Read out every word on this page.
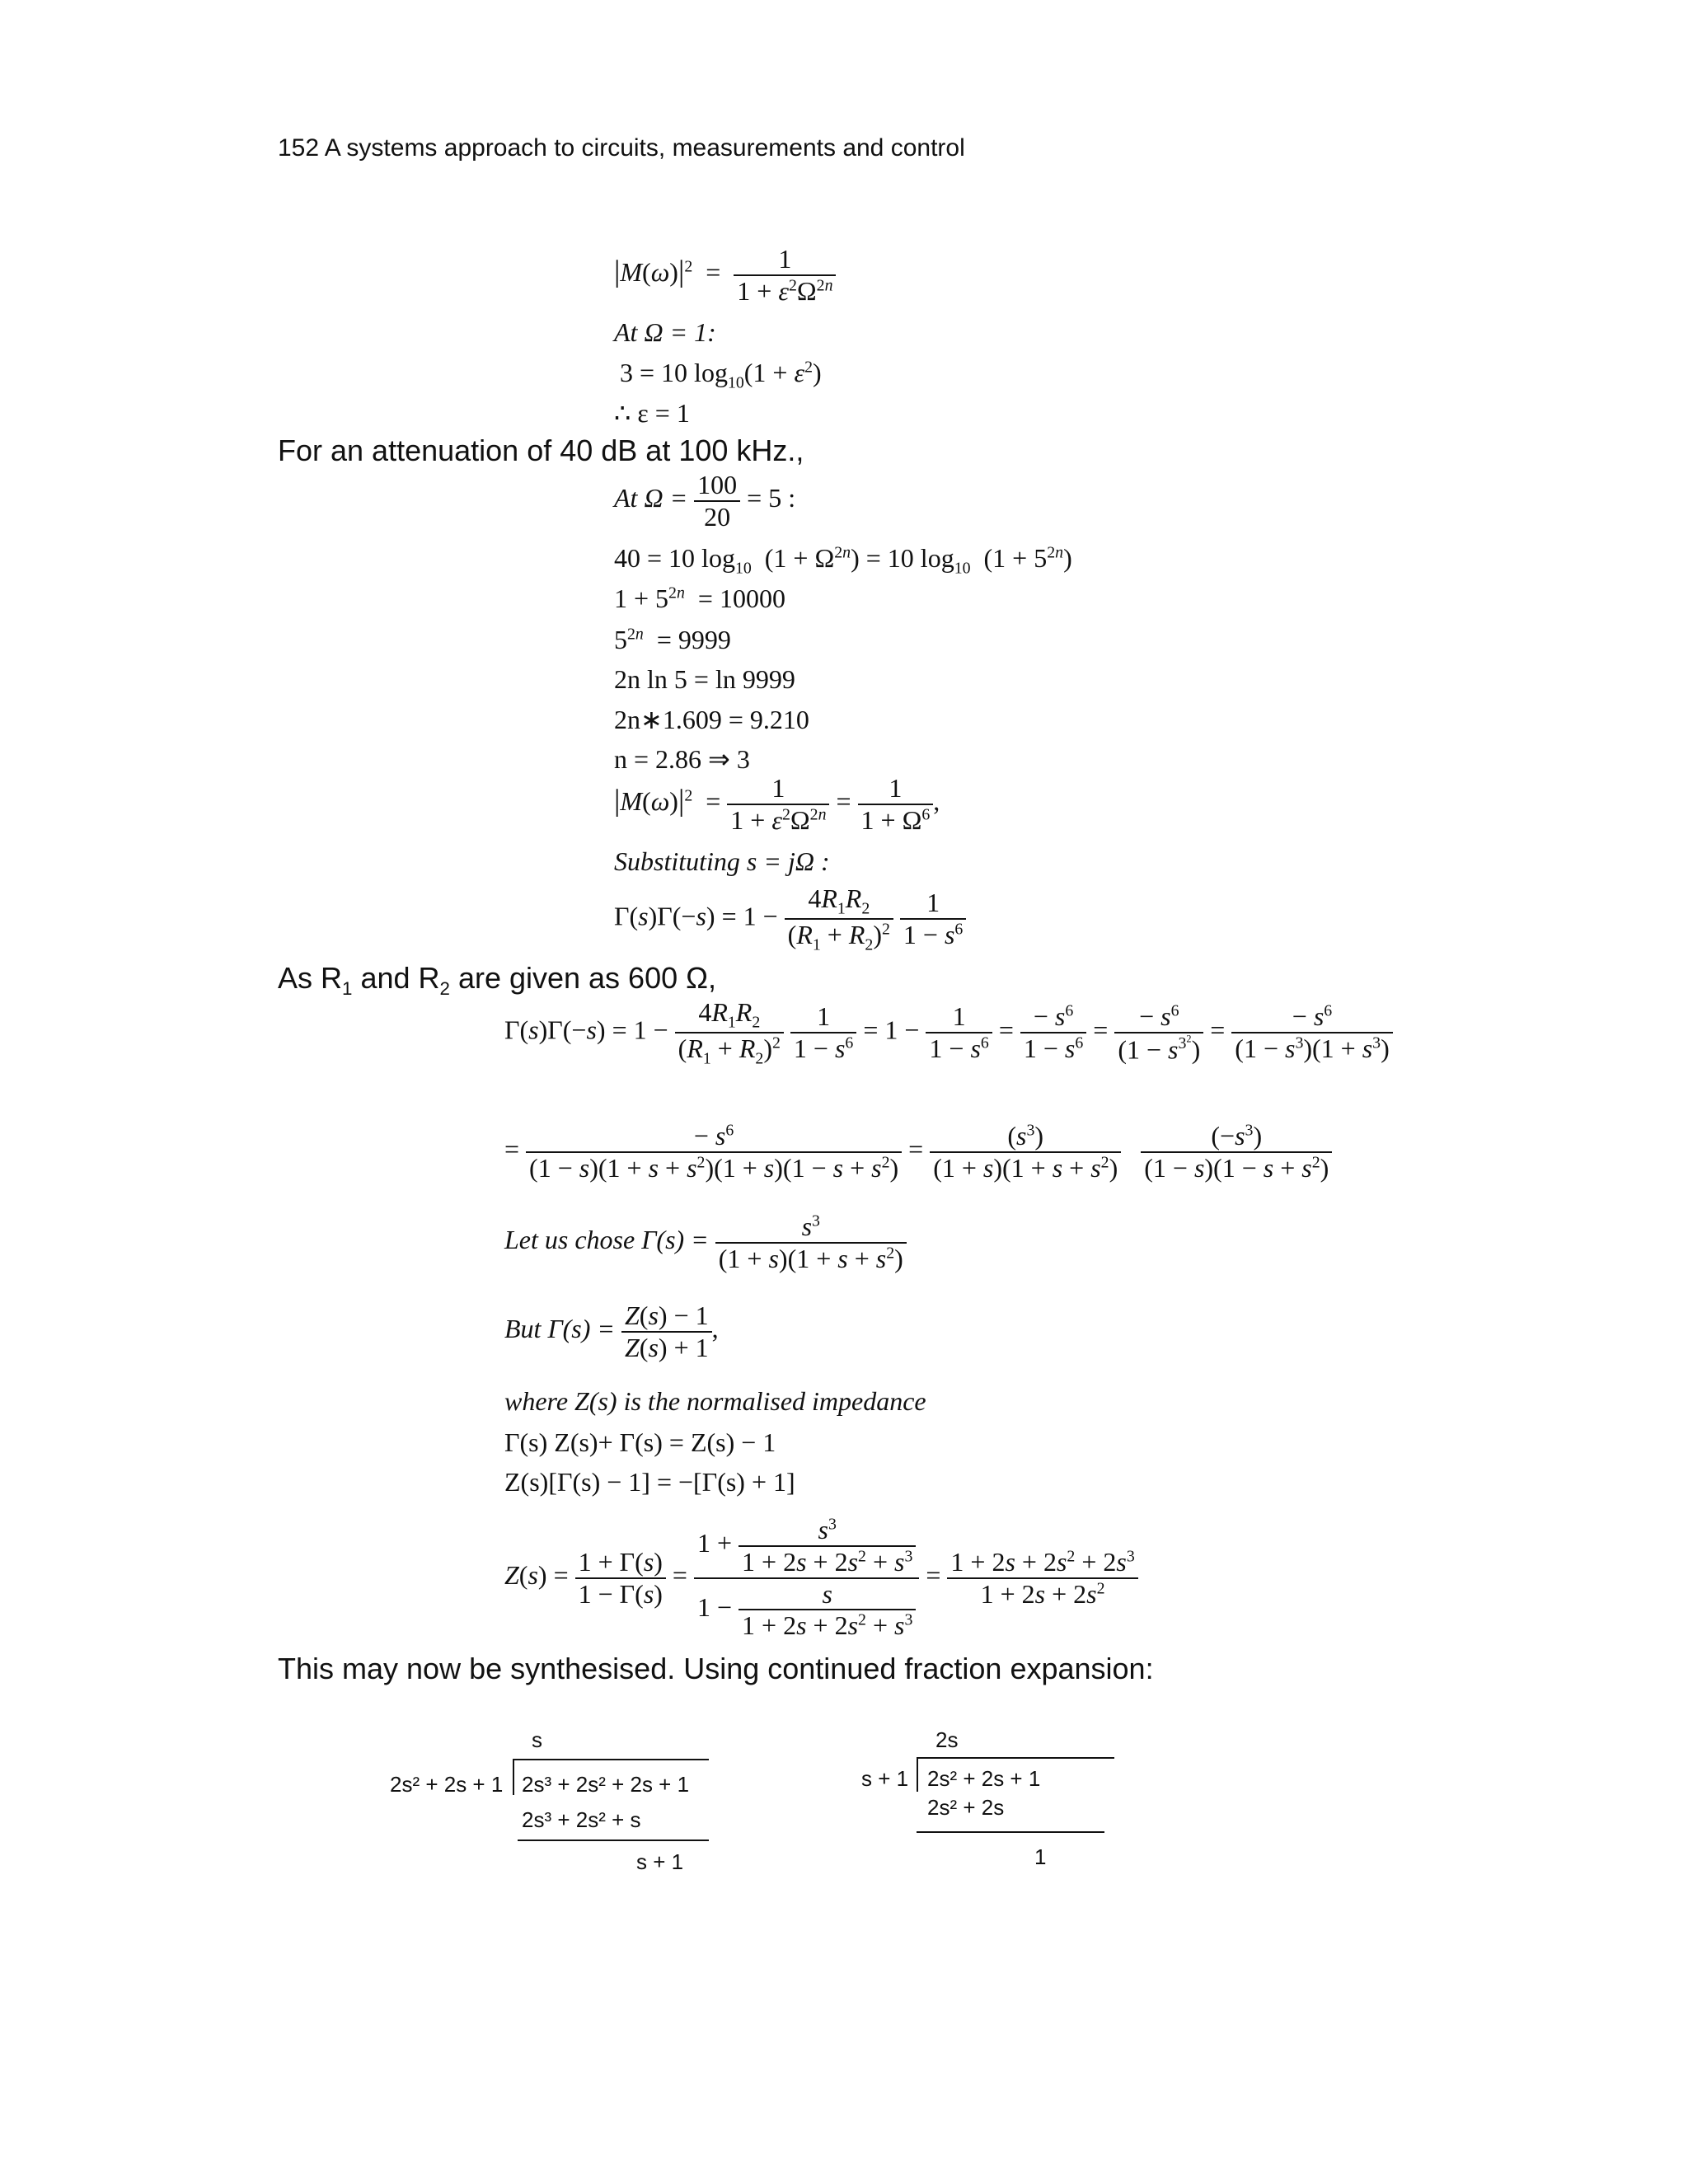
152 A systems approach to circuits, measurements and control
$|M(\omega)|^2 = \frac{1}{1 + \varepsilon^2\Omega^{2n}}$
At Ω = 1:
3 = 10 $\log_{10}(1 + \varepsilon^2)$
∴ ε = 1
For an attenuation of 40 dB at 100 kHz.,
At $\Omega = \frac{100}{20} = 5$ :
40 = 10 $\log_{10} (1 + \Omega^{2n}) = 10$ $\log_{10} (1 + 5^{2n})$
$1 + 5^{2n} = 10000$
$5^{2n} = 9999$
2n ln 5 = ln 9999
2n∗1.609 = 9.210
n = 2.86 ⇒ 3
$|M(\omega)|^2 = \frac{1}{1 + \varepsilon^2\Omega^{2n}} = \frac{1}{1 + \Omega^6}$ ,
Substituting s = jΩ :
$\Gamma(s)\Gamma(-s) = 1 - \frac{4R_1R_2}{(R_1 + R_2)^2}$
$\frac{1}{1 - s^6}$
As $R_1$ and $R_2$ are given as 600 Ω,
$\Gamma(s)\Gamma(-s) = 1 - \frac{4R_1R_2}{(R_1 + R_2)^2}$
$\frac{1}{1 - s^6} = 1 - \frac{1}{1 - s^6} = \frac{- s^6}{1 - s^6} = \frac{- s^6}{(1 - s^{3^2})} = \frac{- s^6}{(1 - s^3)(1 + s^3)}$
= $\frac{- s^6}{(1 - s)(1 + s + s^2)(1 + s)(1 - s + s^2)} = \frac{(s^3)}{(1 + s)(1 + s + s^2)}$
$\frac{(-s^3)}{(1 - s)(1 - s + s^2)}$
Let us chose $\Gamma(s) = \frac{s^3}{(1 + s)(1 + s + s^2)}$
But $\Gamma(s) = \frac{Z(s) - 1}{Z(s) + 1}$ ,
where Z(s) is the normalised impedance
Γ(s) Z(s)+ Γ(s) = Z(s) − 1
Z(s)[Γ(s) − 1] = −[Γ(s) + 1]
$Z(s) = \frac{1 + \Gamma(s)}{1 - \Gamma(s)} = \frac{1 + \frac{s^3}{1 + 2s + 2s^2 + s^3}}{1 - \frac{s}{1 + 2s + 2s^2 + s^3}} = \frac{1 + 2s + 2s^2 + 2s^3}{1 + 2s + 2s^2}$
This may now be synthesised. Using continued fraction expansion:
s
2s² + 2s + 1 2s³ + 2s² + 2s + 1
2s³ + 2s² + s
s + 1
2s
s + 1 2s² + 2s + 1
2s² + 2s
1
